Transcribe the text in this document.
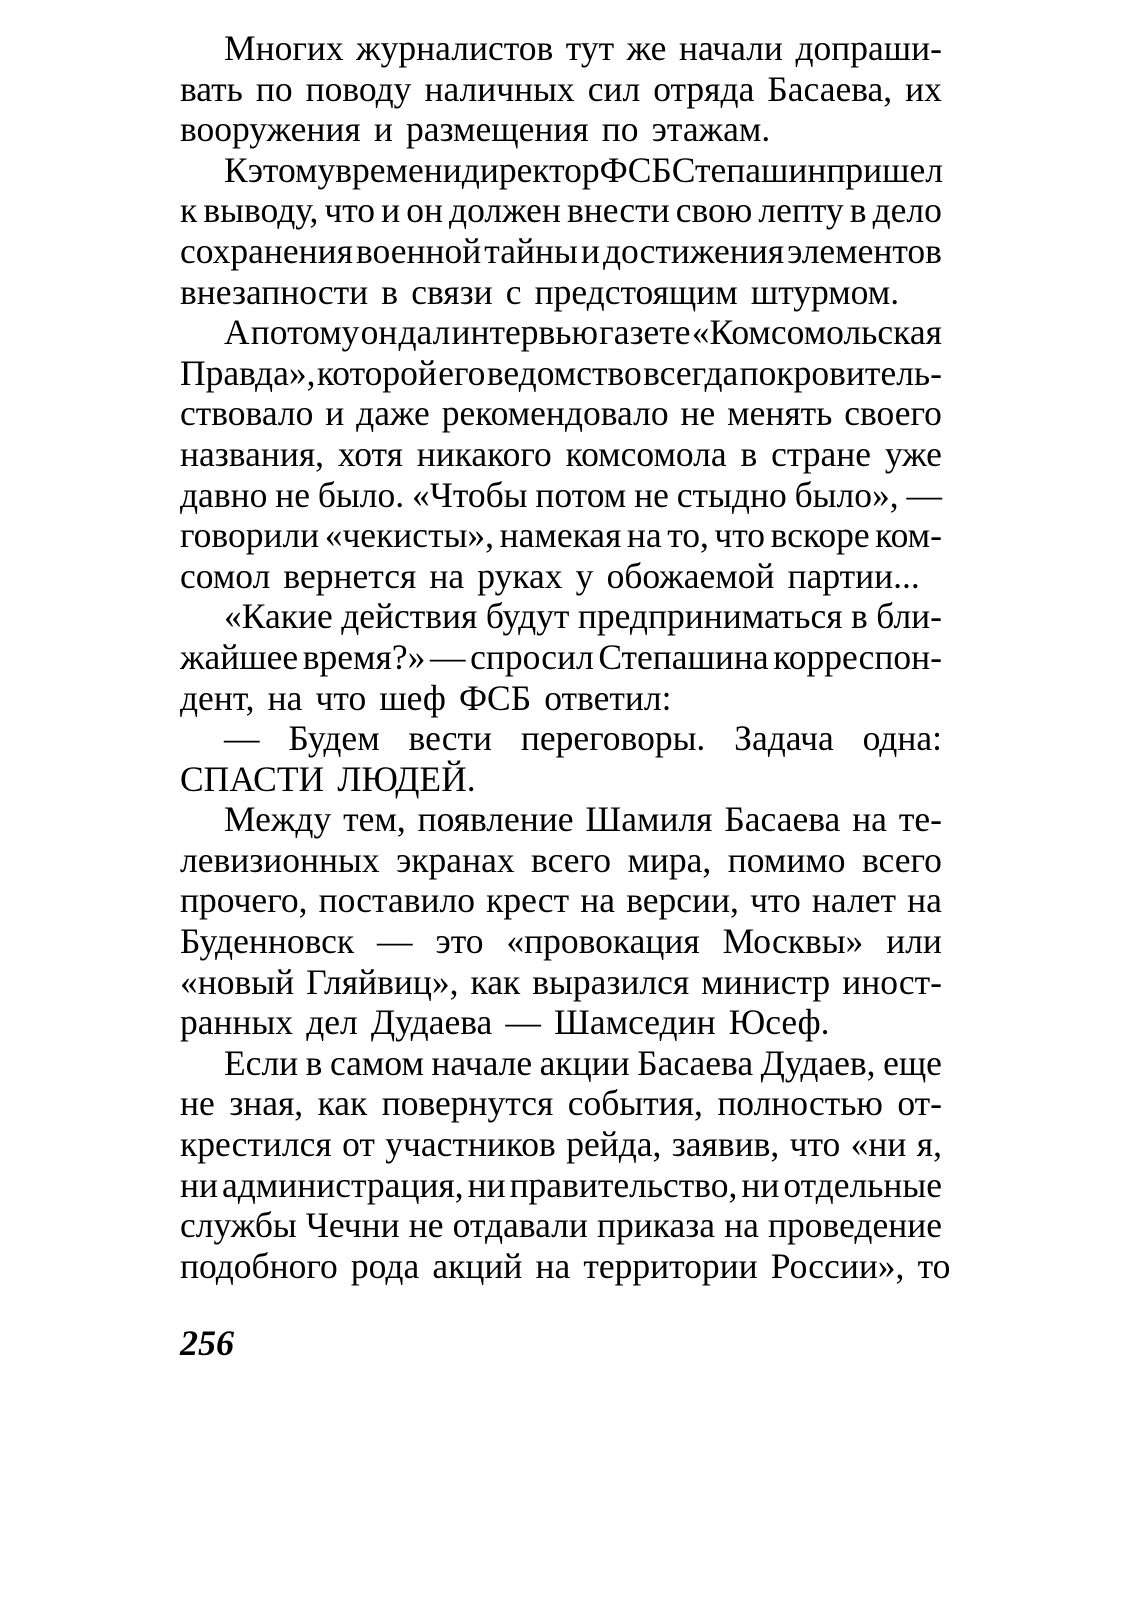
Многих журналистов тут же начали допраши-
вать по поводу наличных сил отряда Басаева, их
вооружения и размещения по этажам.
К этому времени директор ФСБ Степашин пришел
к выводу, что и он должен внести свою лепту в дело
сохранения военной тайны и достижения элементов
внезапности в связи с предстоящим штурмом.
А потому он дал интервью газете «Комсомольская
Правда», которой его ведомство всегда покровитель-
ствовало и даже рекомендовало не менять своего
названия, хотя никакого комсомола в стране уже
давно не было. «Чтобы потом не стыдно было», —
говорили «чекисты», намекая на то, что вскоре ком-
сомол вернется на руках у обожаемой партии...
«Какие действия будут предприниматься в бли-
жайшее время?» — спросил Степашина корреспон-
дент, на что шеф ФСБ ответил:
— Будем вести переговоры. Задача одна:
СПАСТИ ЛЮДЕЙ.
Между тем, появление Шамиля Басаева на те-
левизионных экранах всего мира, помимо всего
прочего, поставило крест на версии, что налет на
Буденновск — это «провокация Москвы» или
«новый Гляйвиц», как выразился министр иност-
ранных дел Дудаева — Шамседин Юсеф.
Если в самом начале акции Басаева Дудаев, еще
не зная, как повернутся события, полностью от-
крестился от участников рейда, заявив, что «ни я,
ни администрация, ни правительство, ни отдельные
службы Чечни не отдавали приказа на проведение
подобного рода акций на территории России», то
256
